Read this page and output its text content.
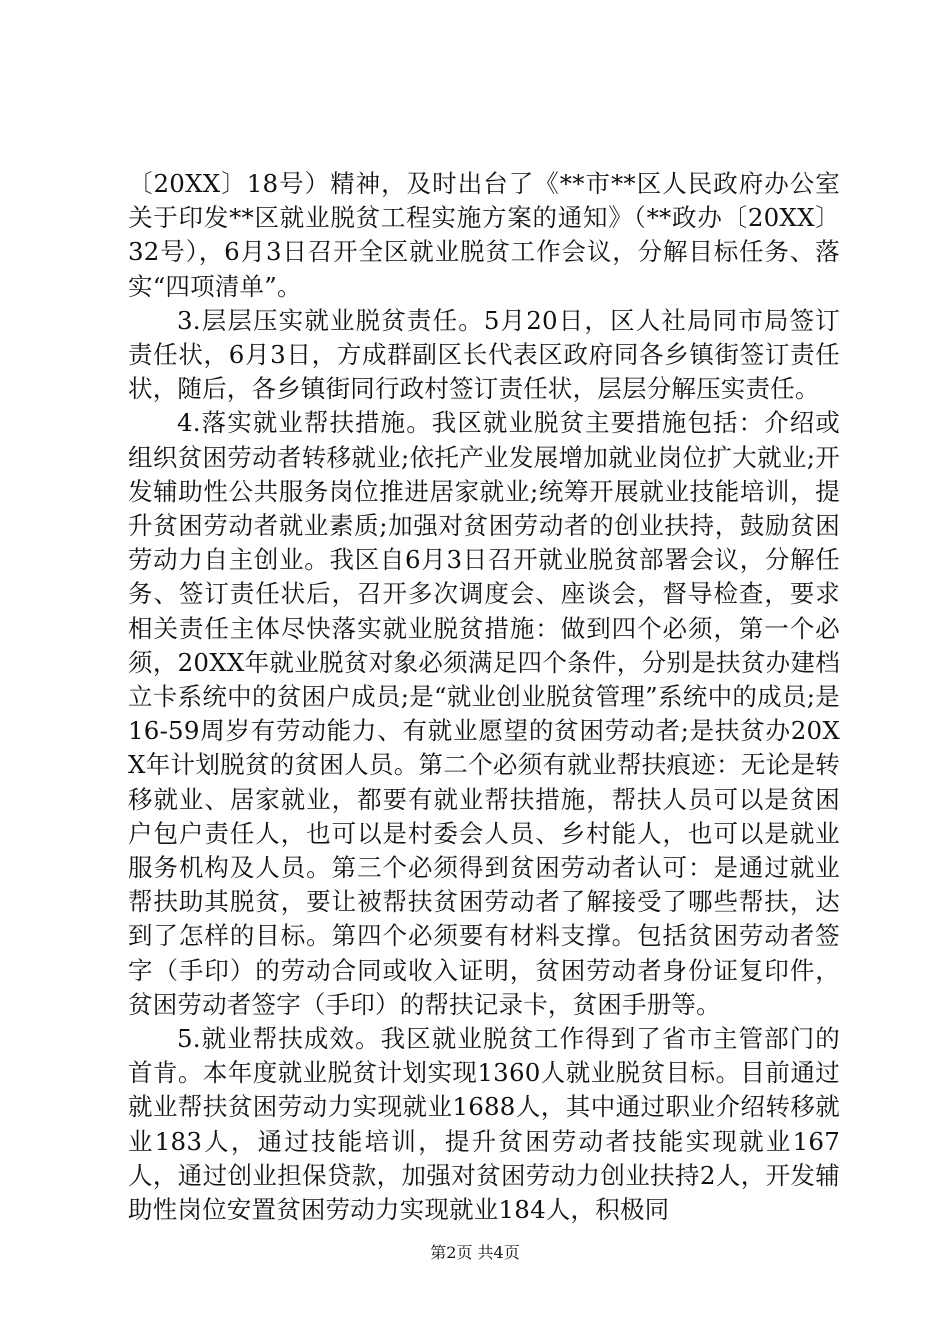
〔20XX〕18号）精神，及时出台了《**市**区人民政府办公室关于印发**区就业脱贫工程实施方案的通知》（**政办〔20XX〕32号），6月3日召开全区就业脱贫工作会议，分解目标任务、落实“四项清单”。

3.层层压实就业脱贫责任。5月20日，区人社局同市局签订责任状，6月3日，方成群副区长代表区政府同各乡镇街签订责任状，随后，各乡镇街同行政村签订责任状，层层分解压实责任。

4.落实就业帮扶措施。我区就业脱贫主要措施包括：介绍或组织贫困劳动者转移就业;依托产业发展增加就业岗位扩大就业;开发辅助性公共服务岗位推进居家就业;统筹开展就业技能培训，提升贫困劳动者就业素质;加强对贫困劳动者的创业扶持，鼓励贫困劳动力自主创业。我区自6月3日召开就业脱贫部署会议，分解任务、签订责任状后，召开多次调度会、座谈会，督导检查，要求相关责任主体尽快落实就业脱贫措施：做到四个必须，第一个必须，20XX年就业脱贫对象必须满足四个条件，分别是扶贫办建档立卡系统中的贫困户成员;是“就业创业脱贫管理”系统中的成员;是16-59周岁有劳动能力、有就业愿望的贫困劳动者;是扶贫办20XX年计划脱贫的贫困人员。第二个必须有就业帮扶痕迹：无论是转移就业、居家就业，都要有就业帮扶措施，帮扶人员可以是贫困户包户责任人，也可以是村委会人员、乡村能人，也可以是就业服务机构及人员。第三个必须得到贫困劳动者认可：是通过就业帮扶助其脱贫，要让被帮扶贫困劳动者了解接受了哪些帮扶，达到了怎样的目标。第四个必须要有材料支撑。包括贫困劳动者签字（手印）的劳动合同或收入证明，贫困劳动者身份证复印件，贫困劳动者签字（手印）的帮扶记录卡，贫困手册等。

5.就业帮扶成效。我区就业脱贫工作得到了省市主管部门的首肯。本年度就业脱贫计划实现1360人就业脱贫目标。目前通过就业帮扶贫困劳动力实现就业1688人，其中通过职业介绍转移就业183人，通过技能培训，提升贫困劳动者技能实现就业167人，通过创业担保贷款，加强对贫困劳动力创业扶持2人，开发辅助性岗位安置贫困劳动力实现就业184人，积极同

第2页 共4页
